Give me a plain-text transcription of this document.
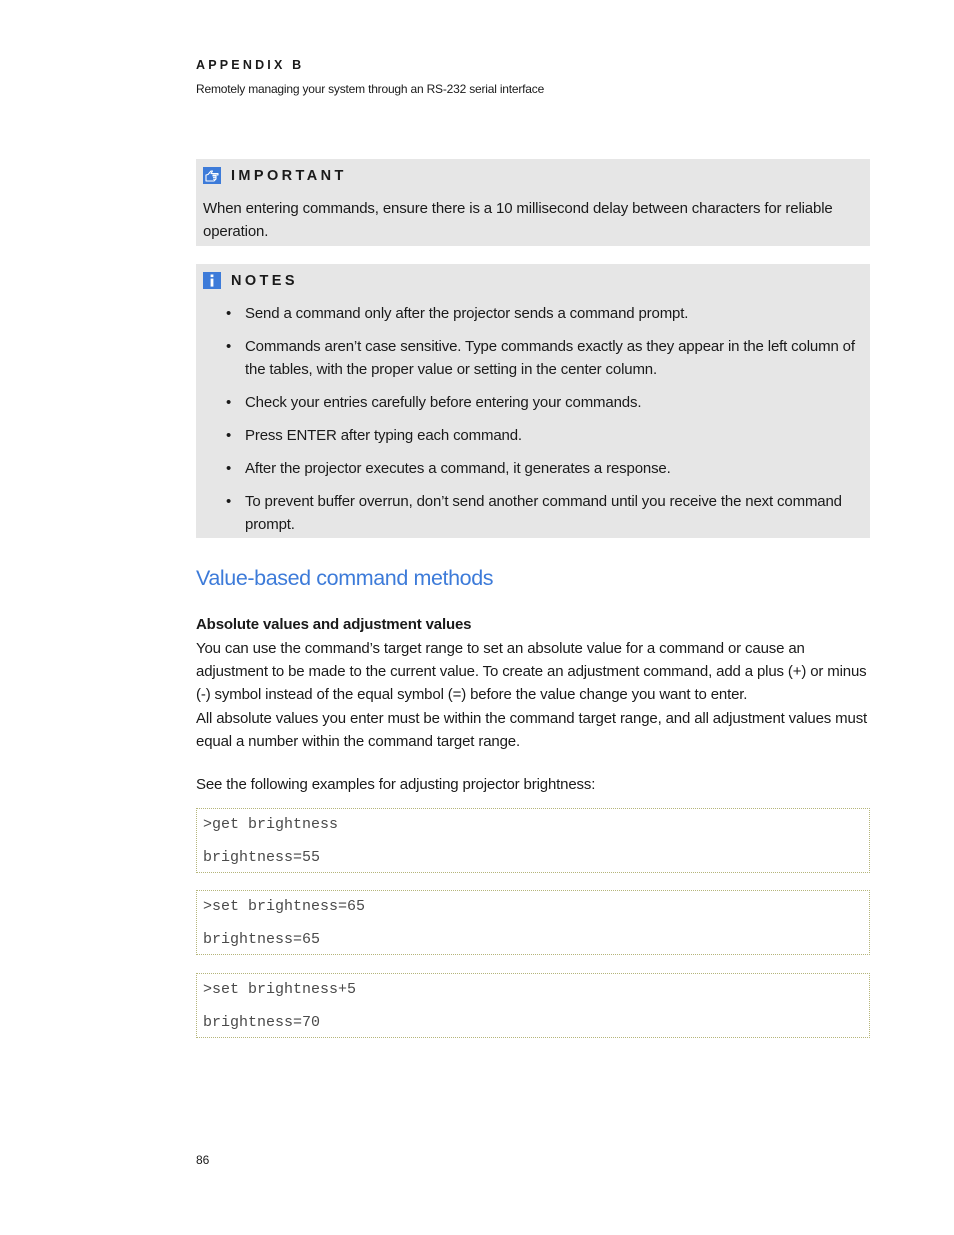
APPENDIX B
Remotely managing your system through an RS-232 serial interface
IMPORTANT
When entering commands, ensure there is a 10 millisecond delay between characters for reliable operation.
NOTES
• Send a command only after the projector sends a command prompt.
• Commands aren’t case sensitive. Type commands exactly as they appear in the left column of the tables, with the proper value or setting in the center column.
• Check your entries carefully before entering your commands.
• Press ENTER after typing each command.
• After the projector executes a command, it generates a response.
• To prevent buffer overrun, don’t send another command until you receive the next command prompt.
Value-based command methods
Absolute values and adjustment values

You can use the command’s target range to set an absolute value for a command or cause an adjustment to be made to the current value. To create an adjustment command, add a plus (+) or minus (-) symbol instead of the equal symbol (=) before the value change you want to enter.

All absolute values you enter must be within the command target range, and all adjustment values must equal a number within the command target range.

See the following examples for adjusting projector brightness:

>get brightness
brightness=55
>set brightness=65
brightness=65
>set brightness+5
brightness=70
86
